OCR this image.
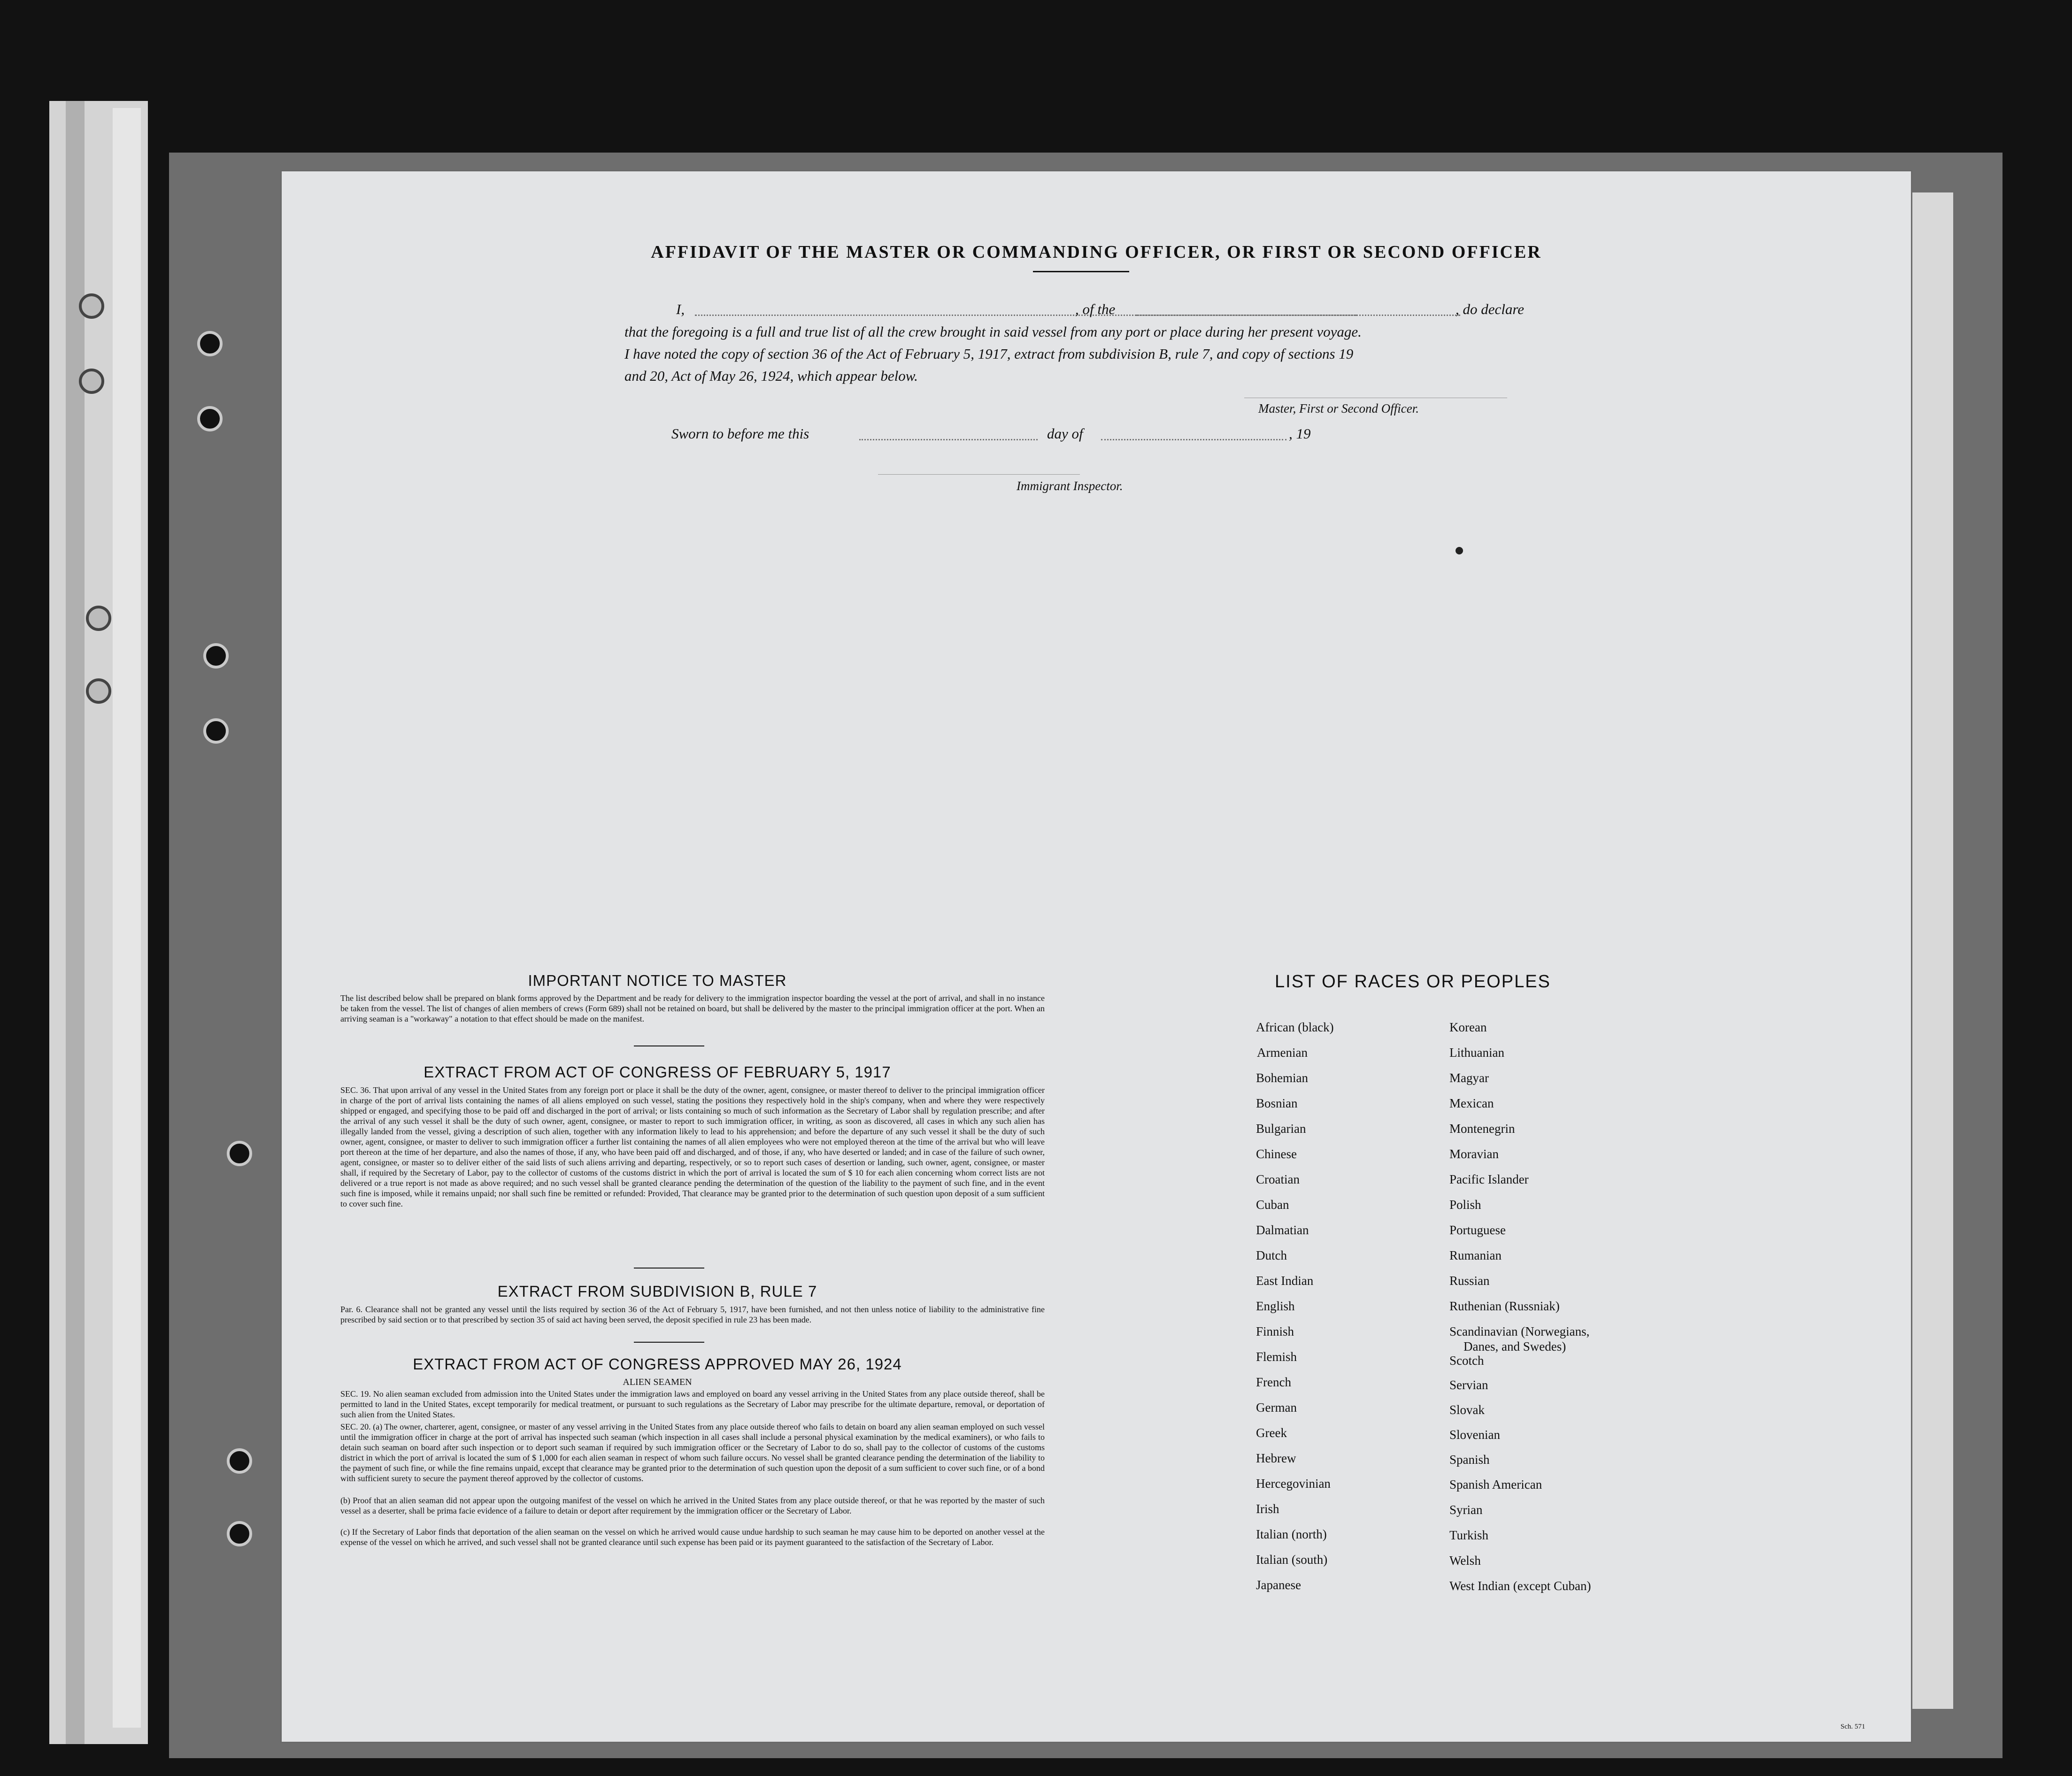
AFFIDAVIT OF THE MASTER OR COMMANDING OFFICER, OR FIRST OR SECOND OFFICER
I,	, of the	, do declare
that the foregoing is a full and true list of all the crew brought in said vessel from any port or place during her present voyage.
I have noted the copy of section 36 of the Act of February 5, 1917, extract from subdivision B, rule 7, and copy of sections 19
and 20, Act of May 26, 1924, which appear below.
Master, First or Second Officer.
Sworn to before me this	day of	, 19
Immigrant Inspector.
IMPORTANT NOTICE TO MASTER
The list described below shall be prepared on blank forms approved by the Department and be ready for delivery to the immigration inspector boarding the vessel at the port of arrival, and shall in no instance be taken from the vessel. The list of changes of alien members of crews (Form 689) shall not be retained on board, but shall be delivered by the master to the principal immigration officer at the port. When an arriving seaman is a "workaway" a notation to that effect should be made on the manifest.
EXTRACT FROM ACT OF CONGRESS OF FEBRUARY 5, 1917
SEC. 36. That upon arrival of any vessel in the United States from any foreign port or place it shall be the duty of the owner, agent, consignee, or master thereof to deliver to the principal immigration officer in charge of the port of arrival lists containing the names of all aliens employed on such vessel, stating the positions they respectively hold in the ship's company, when and where they were respectively shipped or engaged, and specifying those to be paid off and discharged in the port of arrival; or lists containing so much of such information as the Secretary of Labor shall by regulation prescribe; and after the arrival of any such vessel it shall be the duty of such owner, agent, consignee, or master to report to such immigration officer, in writing, as soon as discovered, all cases in which any such alien has illegally landed from the vessel, giving a description of such alien, together with any information likely to lead to his apprehension; and before the departure of any such vessel it shall be the duty of such owner, agent, consignee, or master to deliver to such immigration officer a further list containing the names of all alien employees who were not employed thereon at the time of the arrival but who will leave port thereon at the time of her departure, and also the names of those, if any, who have been paid off and discharged, and of those, if any, who have deserted or landed; and in case of the failure of such owner, agent, consignee, or master so to deliver either of the said lists of such aliens arriving and departing, respectively, or so to report such cases of desertion or landing, such owner, agent, consignee, or master shall, if required by the Secretary of Labor, pay to the collector of customs of the customs district in which the port of arrival is located the sum of $ 10 for each alien concerning whom correct lists are not delivered or a true report is not made as above required; and no such vessel shall be granted clearance pending the determination of the question of the liability to the payment of such fine, and in the event such fine is imposed, while it remains unpaid; nor shall such fine be remitted or refunded: Provided, That clearance may be granted prior to the determination of such question upon deposit of a sum sufficient to cover such fine.
EXTRACT FROM SUBDIVISION B, RULE 7
Par. 6. Clearance shall not be granted any vessel until the lists required by section 36 of the Act of February 5, 1917, have been furnished, and not then unless notice of liability to the administrative fine prescribed by said section or to that prescribed by section 35 of said act having been served, the deposit specified in rule 23 has been made.
EXTRACT FROM ACT OF CONGRESS APPROVED MAY 26, 1924
ALIEN SEAMEN
SEC. 19. No alien seaman excluded from admission into the United States under the immigration laws and employed on board any vessel arriving in the United States from any place outside thereof, shall be permitted to land in the United States, except temporarily for medical treatment, or pursuant to such regulations as the Secretary of Labor may prescribe for the ultimate departure, removal, or deportation of such alien from the United States.
SEC. 20. (a) The owner, charterer, agent, consignee, or master of any vessel arriving in the United States from any place outside thereof who fails to detain on board any alien seaman employed on such vessel until the immigration officer in charge at the port of arrival has inspected such seaman (which inspection in all cases shall include a personal physical examination by the medical examiners), or who fails to detain such seaman on board after such inspection or to deport such seaman if required by such immigration officer or the Secretary of Labor to do so, shall pay to the collector of customs of the customs district in which the port of arrival is located the sum of $ 1,000 for each alien seaman in respect of whom such failure occurs. No vessel shall be granted clearance pending the determination of the liability to the payment of such fine, or while the fine remains unpaid, except that clearance may be granted prior to the determination of such question upon the deposit of a sum sufficient to cover such fine, or of a bond with sufficient surety to secure the payment thereof approved by the collector of customs.
(b) Proof that an alien seaman did not appear upon the outgoing manifest of the vessel on which he arrived in the United States from any place outside thereof, or that he was reported by the master of such vessel as a deserter, shall be prima facie evidence of a failure to detain or deport after requirement by the immigration officer or the Secretary of Labor.
(c) If the Secretary of Labor finds that deportation of the alien seaman on the vessel on which he arrived would cause undue hardship to such seaman he may cause him to be deported on another vessel at the expense of the vessel on which he arrived, and such vessel shall not be granted clearance until such expense has been paid or its payment guaranteed to the satisfaction of the Secretary of Labor.
LIST OF RACES OR PEOPLES
African (black)
Armenian
Bohemian
Bosnian
Bulgarian
Chinese
Croatian
Cuban
Dalmatian
Dutch
East Indian
English
Finnish
Flemish
French
German
Greek
Hebrew
Hercegovinian
Irish
Italian (north)
Italian (south)
Japanese
Korean
Lithuanian
Magyar
Mexican
Montenegrin
Moravian
Pacific Islander
Polish
Portuguese
Rumanian
Russian
Ruthenian (Russniak)
Scandinavian (Norwegians,
Danes, and Swedes)
Scotch
Servian
Slovak
Slovenian
Spanish
Spanish American
Syrian
Turkish
Welsh
West Indian (except Cuban)
Sch. 571
